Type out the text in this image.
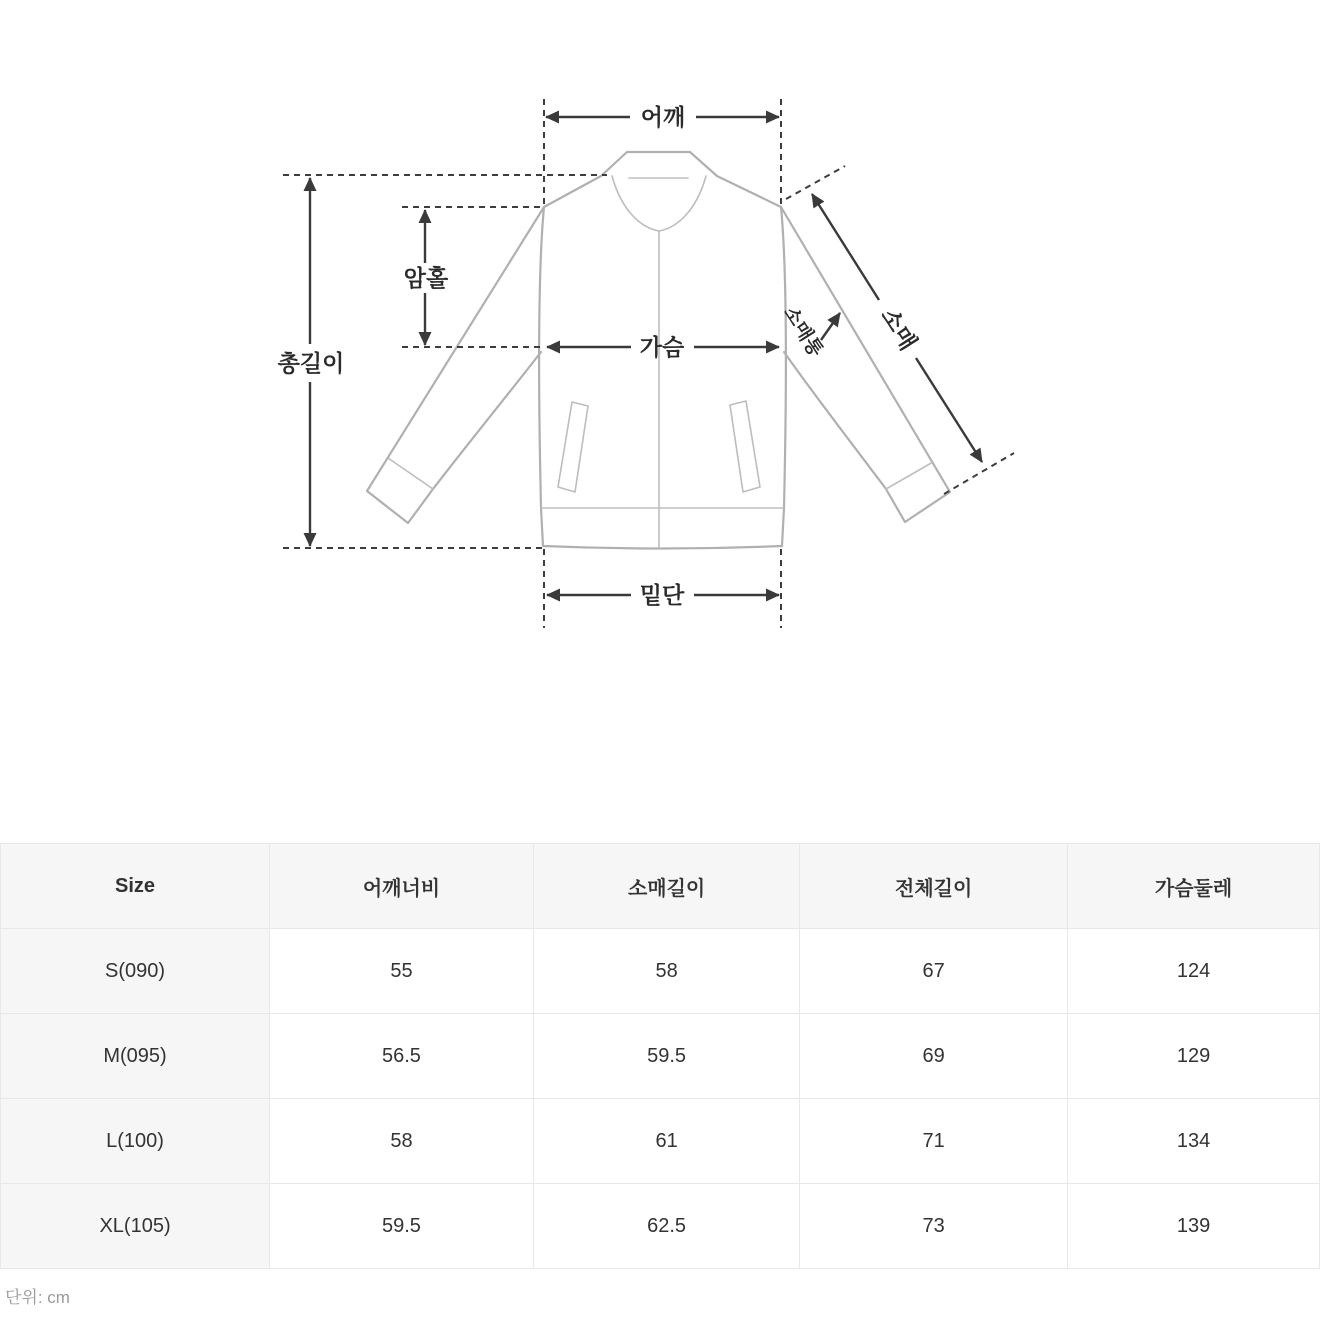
어깨
총길이
암홀
가슴
밑단
소매
소매통
Size	어깨너비	소매길이	전체길이	가슴둘레
S(090)	55	58	67	124
M(095)	56.5	59.5	69	129
L(100)	58	61	71	134
XL(105)	59.5	62.5	73	139
단위: cm
